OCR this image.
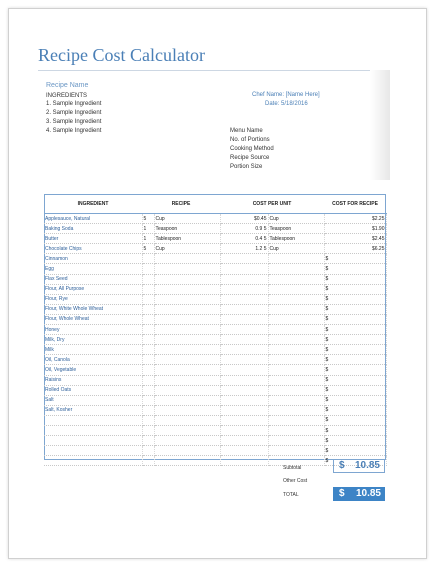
Recipe Cost Calculator
Recipe Name
INGREDIENTS
1. Sample Ingredient
2. Sample Ingredient
3. Sample Ingredient
4. Sample Ingredient
Chef Name: [Name Here]
Date: 5/18/2016
Menu Name
No. of Portions
Cooking Method
Recipe Source
Portion Size
INGREDIENT	RECIPE		COST PER UNIT		COST FOR RECIPE
Applesauce, Natural	5	Cup	$0.45	Cup	$2.25
Baking Soda	1	Teaspoon	0.9 5	Teaspoon	$1.90
Butter	1	Tablespoon	0.4 5	Tablespoon	$2.45
Chocolate Chips	5	Cup	1.2 5	Cup	$6.25
Cinnamon					$
Egg					$
Flax Seed					$
Flour, All Purpose					$
Flour, Rye					$
Flour, White Whole Wheat					$
Flour, Whole Wheat					$
Honey					$
Milk, Dry					$
Milk					$
Oil, Canola					$
Oil, Vegetable					$
Raisins					$
Rolled Oats					$
Salt					$
Salt, Kosher					$
					$
					$
					$
					$
					$
Subtotal	$ 10.85
Other Cost
TOTAL	$ 10.85
